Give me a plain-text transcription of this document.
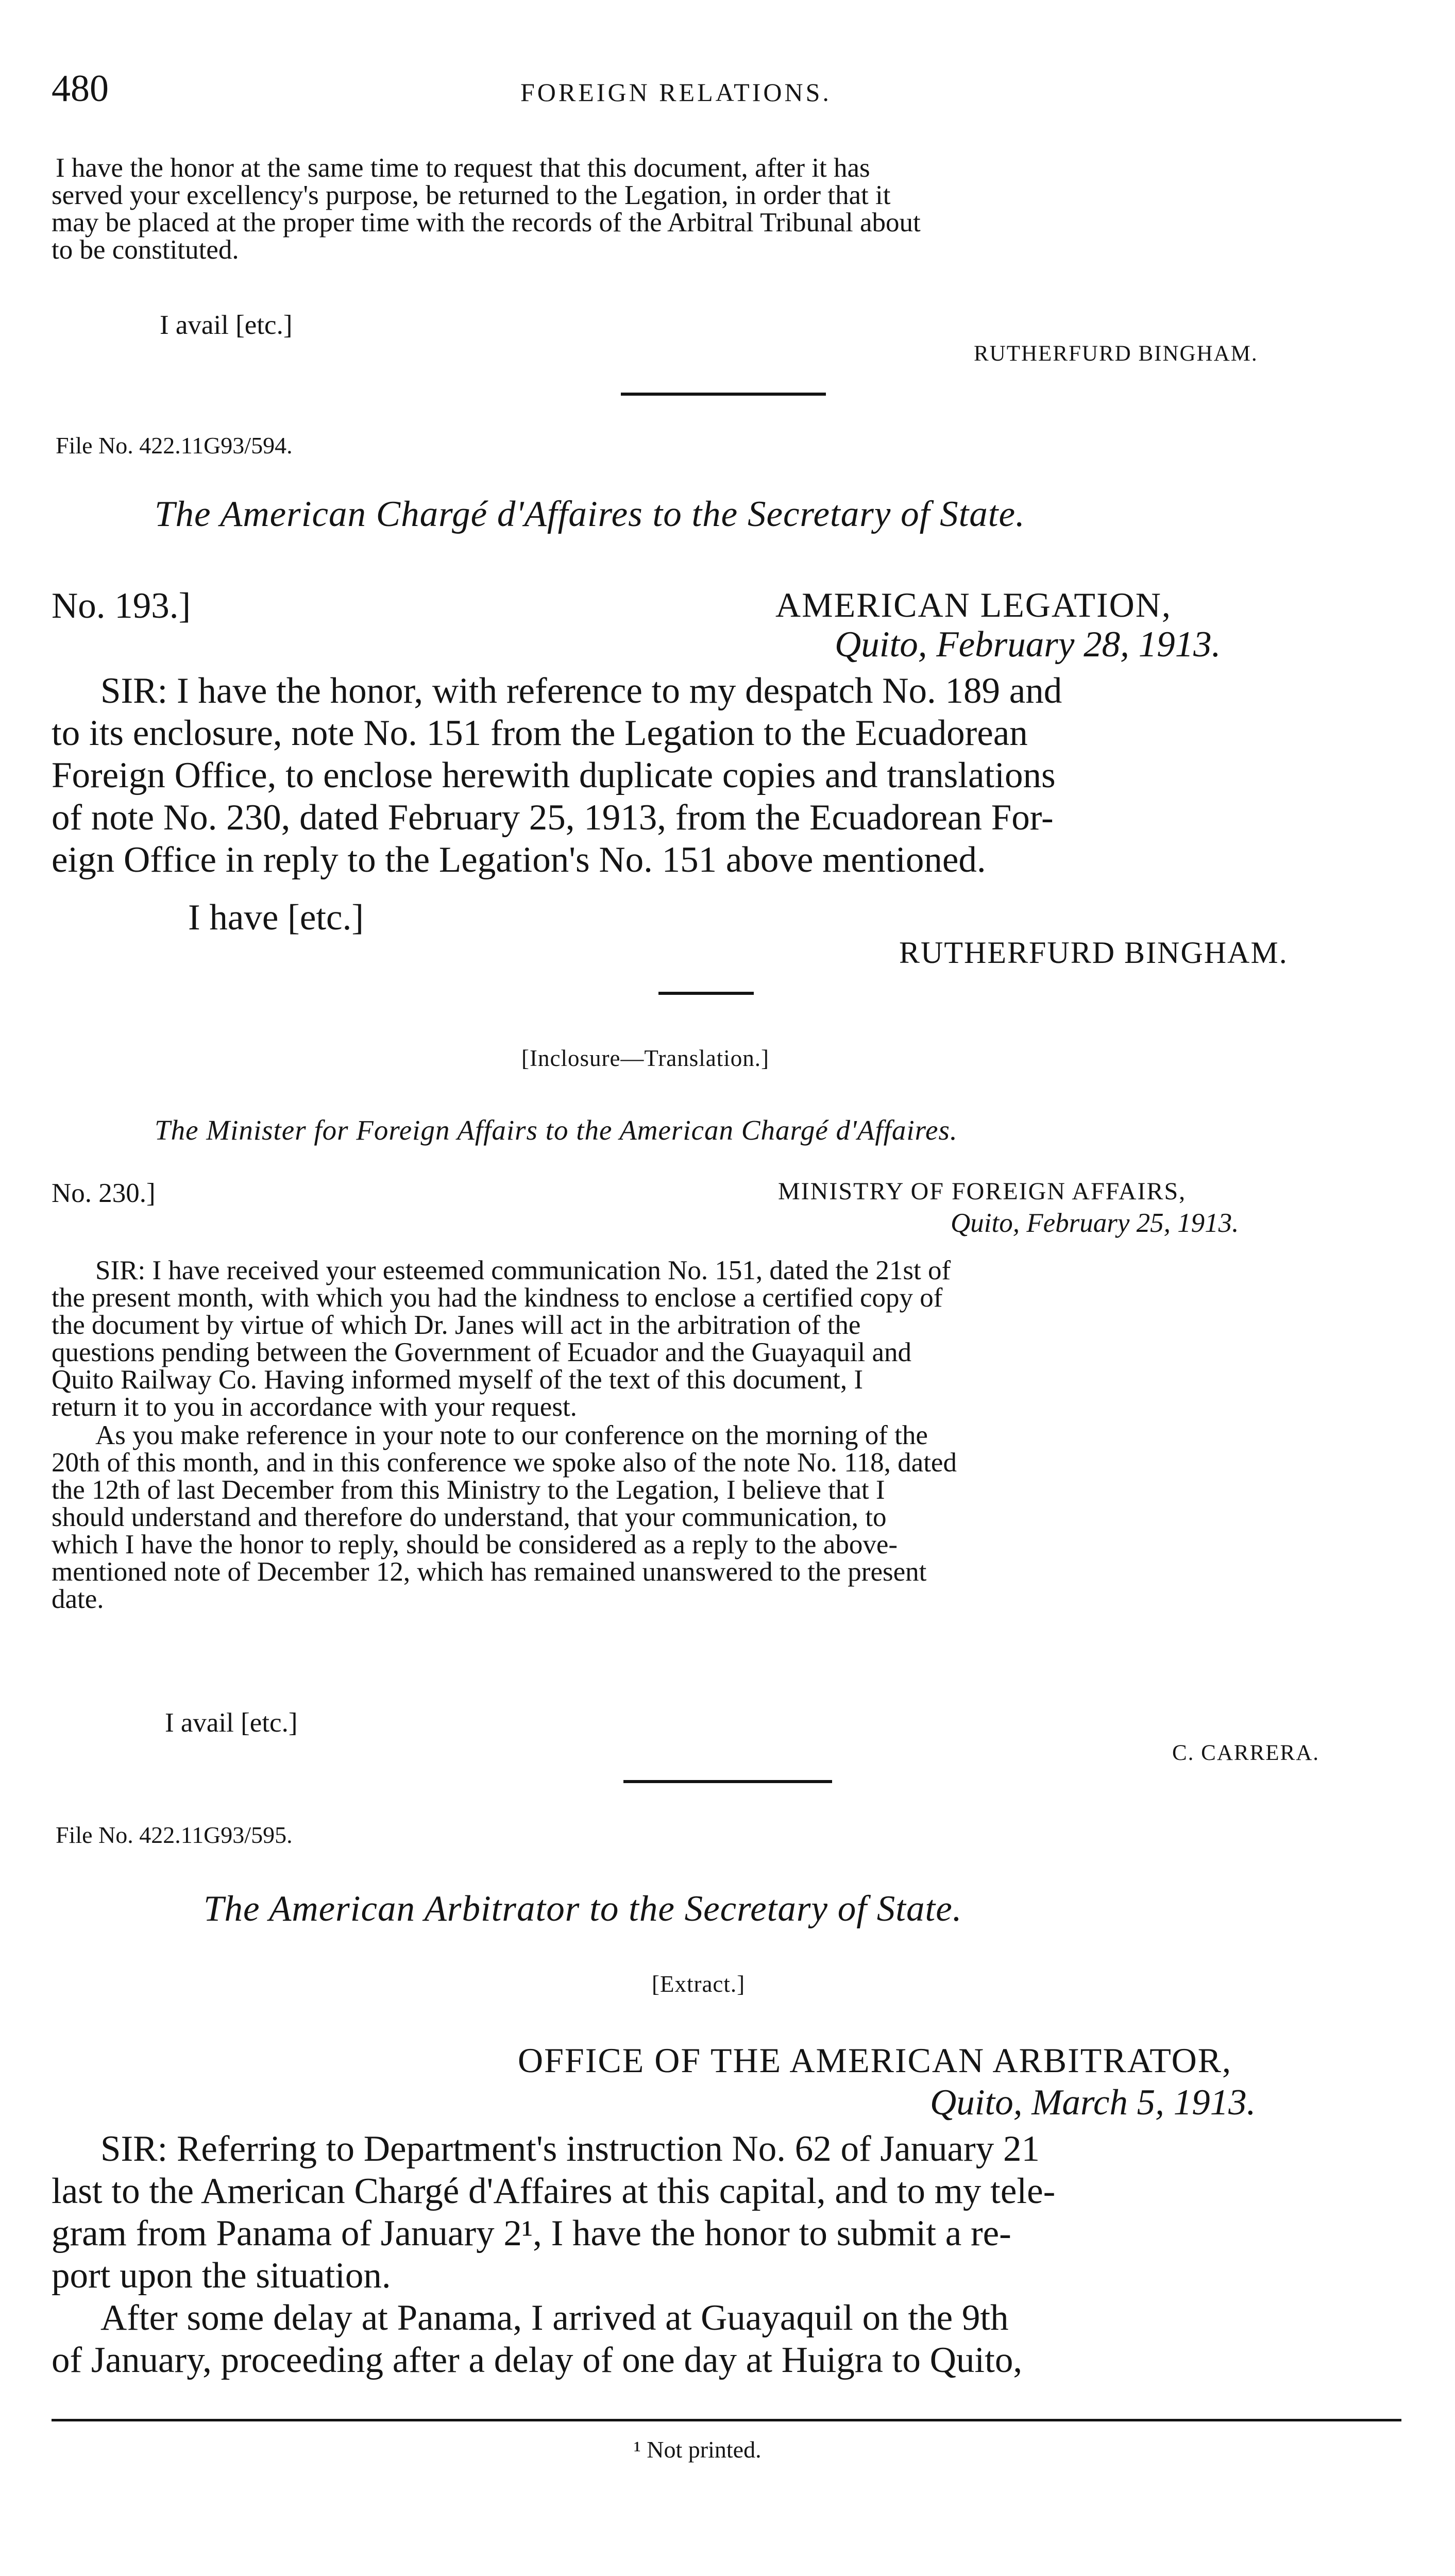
480	FOREIGN RELATIONS.
I have the honor at the same time to request that this document, after it has
served your excellency's purpose, be returned to the Legation, in order that it
may be placed at the proper time with the records of the Arbitral Tribunal about
to be constituted.
I avail [etc.]
RUTHERFURD BINGHAM.
File No. 422.11G93/594.
The American Chargé d'Affaires to the Secretary of State.
No. 193.]	AMERICAN LEGATION,
Quito, February 28, 1913.
SIR: I have the honor, with reference to my despatch No. 189 and
to its enclosure, note No. 151 from the Legation to the Ecuadorean
Foreign Office, to enclose herewith duplicate copies and translations
of note No. 230, dated February 25, 1913, from the Ecuadorean For-
eign Office in reply to the Legation's No. 151 above mentioned.
I have [etc.]
RUTHERFURD BINGHAM.
[Inclosure—Translation.]
The Minister for Foreign Affairs to the American Chargé d'Affaires.
No. 230.]	MINISTRY OF FOREIGN AFFAIRS,
Quito, February 25, 1913.
SIR: I have received your esteemed communication No. 151, dated the 21st of
the present month, with which you had the kindness to enclose a certified copy of
the document by virtue of which Dr. Janes will act in the arbitration of the
questions pending between the Government of Ecuador and the Guayaquil and
Quito Railway Co. Having informed myself of the text of this document, I
return it to you in accordance with your request.
As you make reference in your note to our conference on the morning of the
20th of this month, and in this conference we spoke also of the note No. 118, dated
the 12th of last December from this Ministry to the Legation, I believe that I
should understand and therefore do understand, that your communication, to
which I have the honor to reply, should be considered as a reply to the above-
mentioned note of December 12, which has remained unanswered to the present
date.
I avail [etc.]
C. CARRERA.
File No. 422.11G93/595.
The American Arbitrator to the Secretary of State.
[Extract.]
OFFICE OF THE AMERICAN ARBITRATOR,
Quito, March 5, 1913.
SIR: Referring to Department's instruction No. 62 of January 21
last to the American Chargé d'Affaires at this capital, and to my tele-
gram from Panama of January 2¹, I have the honor to submit a re-
port upon the situation.
After some delay at Panama, I arrived at Guayaquil on the 9th
of January, proceeding after a delay of one day at Huigra to Quito,
¹ Not printed.
